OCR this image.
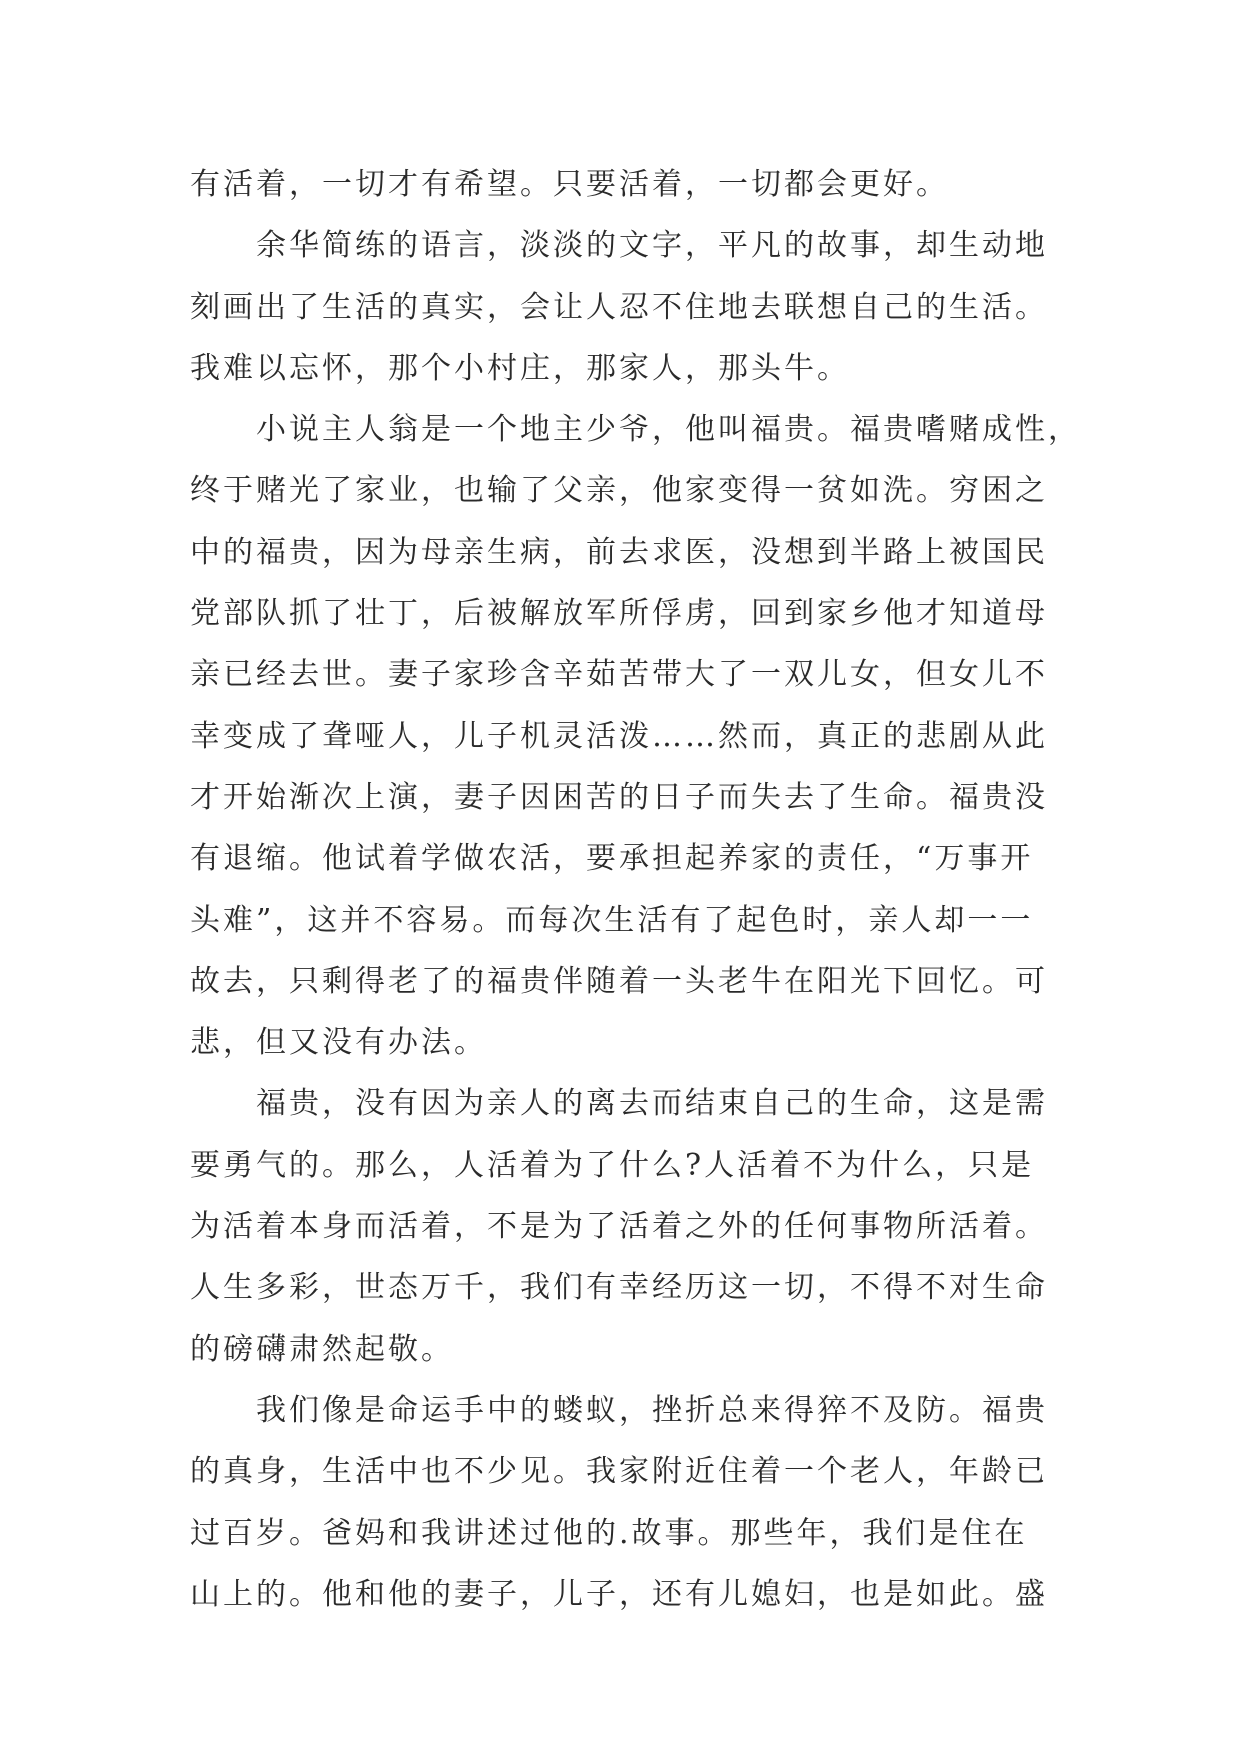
有活着，一切才有希望。只要活着，一切都会更好。
余华简练的语言，淡淡的文字，平凡的故事，却生动地
刻画出了生活的真实，会让人忍不住地去联想自己的生活。
我难以忘怀，那个小村庄，那家人，那头牛。
小说主人翁是一个地主少爷，他叫福贵。福贵嗜赌成性，
终于赌光了家业，也输了父亲，他家变得一贫如洗。穷困之
中的福贵，因为母亲生病，前去求医，没想到半路上被国民
党部队抓了壮丁，后被解放军所俘虏，回到家乡他才知道母
亲已经去世。妻子家珍含辛茹苦带大了一双儿女，但女儿不
幸变成了聋哑人，儿子机灵活泼……然而，真正的悲剧从此
才开始渐次上演，妻子因困苦的日子而失去了生命。福贵没
有退缩。他试着学做农活，要承担起养家的责任，“万事开
头难”，这并不容易。而每次生活有了起色时，亲人却一一
故去，只剩得老了的福贵伴随着一头老牛在阳光下回忆。可
悲，但又没有办法。
福贵，没有因为亲人的离去而结束自己的生命，这是需
要勇气的。那么，人活着为了什么?人活着不为什么，只是
为活着本身而活着，不是为了活着之外的任何事物所活着。
人生多彩，世态万千，我们有幸经历这一切，不得不对生命
的磅礴肃然起敬。
我们像是命运手中的蝼蚁，挫折总来得猝不及防。福贵
的真身，生活中也不少见。我家附近住着一个老人，年龄已
过百岁。爸妈和我讲述过他的.故事。那些年，我们是住在
山上的。他和他的妻子，儿子，还有儿媳妇，也是如此。盛
